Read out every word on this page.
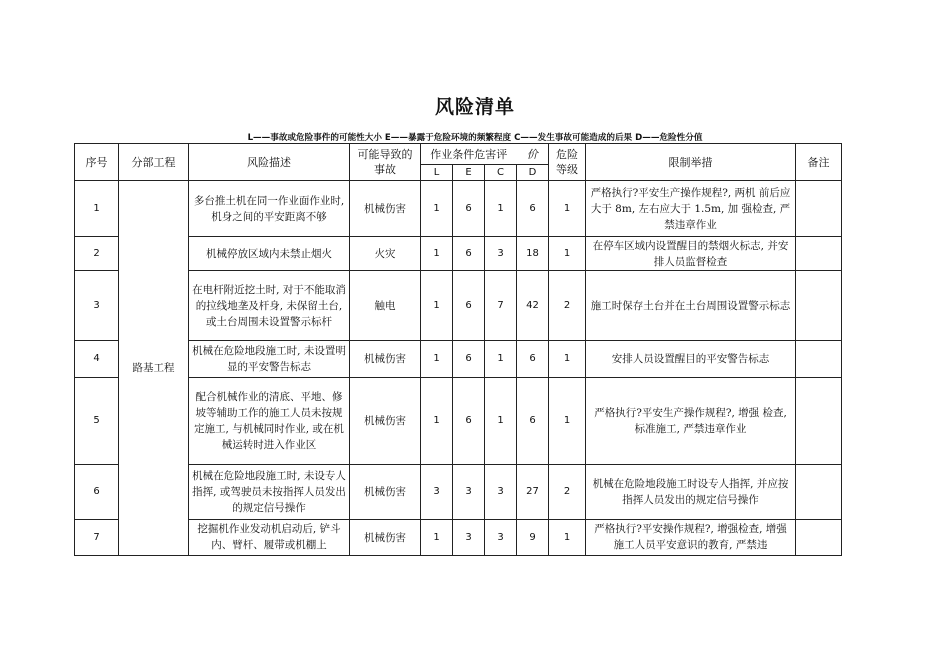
风险清单
L——事故或危险事件的可能性大小 E——暴露于危险环境的频繁程度 C——发生事故可能造成的后果 D——危险性分值
序号	分部工程	风险描述	可能导致的事故	作业条件危害评			价	危险等级	限制举措	备注
				L	E	C	D			
1	路基工程	多台推土机在同一作业面作业时, 机身之间的平安距离不够	机械伤害	1	6	1	6	1	严格执行?平安生产操作规程?, 两机 前后应大于 8m, 左右应大于 1.5m, 加 强检查, 严禁违章作业	
2		机械停放区域内未禁止烟火	火灾	1	6	3	18	1	在停车区域内设置醒目的禁烟火标志, 并安排人员监督检查	
3		在电杆附近挖土时, 对于不能取消的拉线地垄及杆身, 未保留土台, 或土台周围未设置警示标杆	触电	1	6	7	42	2	施工时保存土台并在土台周围设置警示标志	
4		机械在危险地段施工时, 未设置明显的平安警告标志	机械伤害	1	6	1	6	1	安排人员设置醒目的平安警告标志	
5		配合机械作业的清底、平地、修坡等辅助工作的施工人员未按规定施工, 与机械同时作业, 或在机械运转时进入作业区	机械伤害	1	6	1	6	1	严格执行?平安生产操作规程?, 增强 检查, 标准施工, 严禁违章作业	
6		机械在危险地段施工时, 未设专人指挥, 或驾驶员未按指挥人员发出的规定信号操作	机械伤害	3	3	3	27	2	机械在危险地段施工时设专人指挥, 并应按指挥人员发出的规定信号操作	
7		挖掘机作业发动机启动后, 铲斗内、臂杆、履带或机棚上	机械伤害	1	3	3	9	1	严格执行?平安操作规程?, 增强检查, 增强施工人员平安意识的教育, 严禁违	
